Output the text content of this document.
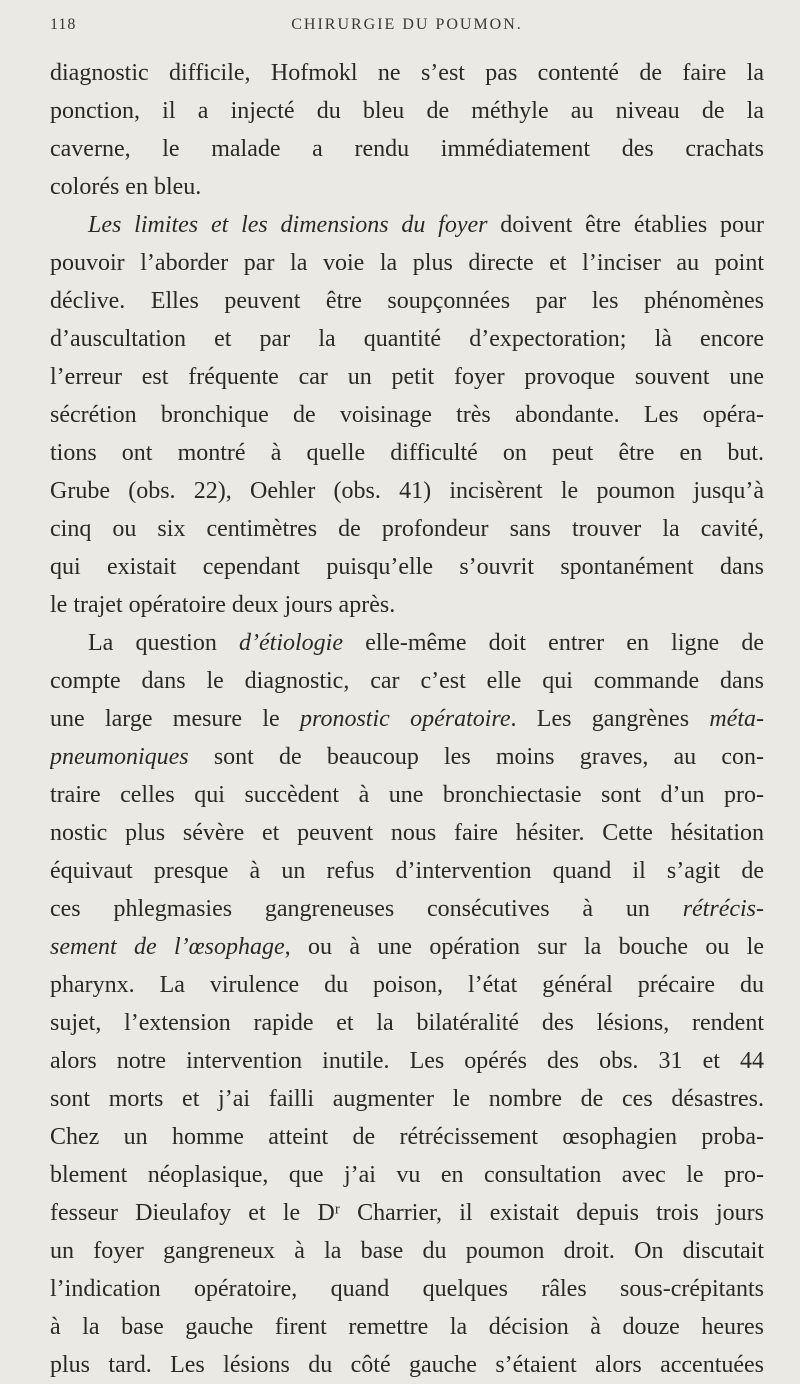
118	CHIRURGIE DU POUMON.
diagnostic difficile, Hofmokl ne s’est pas contenté de faire la
ponction, il a injecté du bleu de méthyle au niveau de la
caverne, le malade a rendu immédiatement des crachats
colorés en bleu.
Les limites et les dimensions du foyer doivent être établies pour
pouvoir l’aborder par la voie la plus directe et l’inciser au point
déclive. Elles peuvent être soupçonnées par les phénomènes
d’auscultation et par la quantité d’expectoration; là encore
l’erreur est fréquente car un petit foyer provoque souvent une
sécrétion bronchique de voisinage très abondante. Les opéra-
tions ont montré à quelle difficulté on peut être en but.
Grube (obs. 22), Oehler (obs. 41) incisèrent le poumon jusqu’à
cinq ou six centimètres de profondeur sans trouver la cavité,
qui existait cependant puisqu’elle s’ouvrit spontanément dans
le trajet opératoire deux jours après.
La question d’étiologie elle-même doit entrer en ligne de
compte dans le diagnostic, car c’est elle qui commande dans
une large mesure le pronostic opératoire. Les gangrènes méta-
pneumoniques sont de beaucoup les moins graves, au con-
traire celles qui succèdent à une bronchiectasie sont d’un pro-
nostic plus sévère et peuvent nous faire hésiter. Cette hésitation
équivaut presque à un refus d’intervention quand il s’agit de
ces phlegmasies gangreneuses consécutives à un rétrécis-
sement de l’œsophage, ou à une opération sur la bouche ou le
pharynx. La virulence du poison, l’état général précaire du
sujet, l’extension rapide et la bilatéralité des lésions, rendent
alors notre intervention inutile. Les opérés des obs. 31 et 44
sont morts et j’ai failli augmenter le nombre de ces désastres.
Chez un homme atteint de rétrécissement œsophagien proba-
blement néoplasique, que j’ai vu en consultation avec le pro-
fesseur Dieulafoy et le Dʳ Charrier, il existait depuis trois jours
un foyer gangreneux à la base du poumon droit. On discutait
l’indication opératoire, quand quelques râles sous-crépitants
à la base gauche firent remettre la décision à douze heures
plus tard. Les lésions du côté gauche s’étaient alors accentuées
